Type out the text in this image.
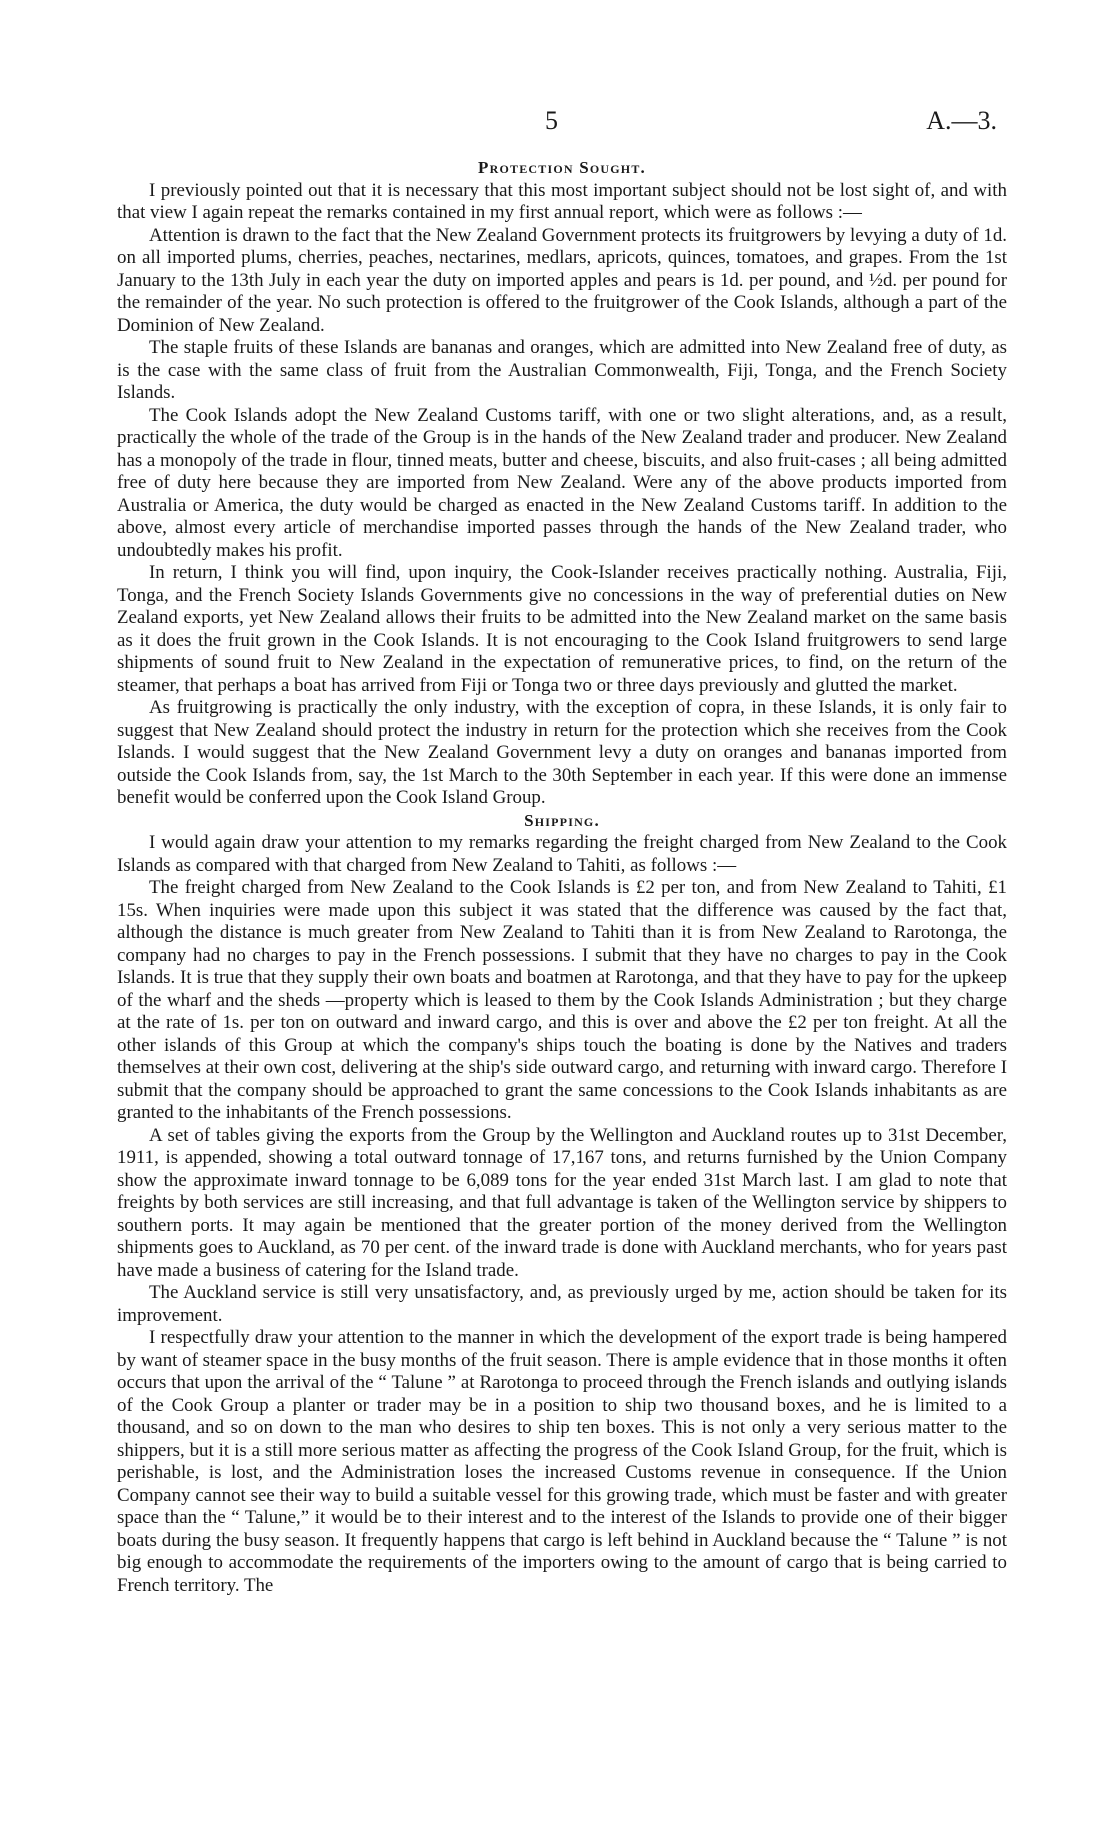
5	A.—3.
Protection Sought.

I previously pointed out that it is necessary that this most important subject should not be lost sight of, and with that view I again repeat the remarks contained in my first annual report, which were as follows :—

Attention is drawn to the fact that the New Zealand Government protects its fruitgrowers by levying a duty of 1d. on all imported plums, cherries, peaches, nectarines, medlars, apricots, quinces, tomatoes, and grapes. From the 1st January to the 13th July in each year the duty on imported apples and pears is 1d. per pound, and ½d. per pound for the remainder of the year. No such protection is offered to the fruitgrower of the Cook Islands, although a part of the Dominion of New Zealand.

The staple fruits of these Islands are bananas and oranges, which are admitted into New Zealand free of duty, as is the case with the same class of fruit from the Australian Commonwealth, Fiji, Tonga, and the French Society Islands.

The Cook Islands adopt the New Zealand Customs tariff, with one or two slight alterations, and, as a result, practically the whole of the trade of the Group is in the hands of the New Zealand trader and producer. New Zealand has a monopoly of the trade in flour, tinned meats, butter and cheese, biscuits, and also fruit-cases ; all being admitted free of duty here because they are imported from New Zealand. Were any of the above products imported from Australia or America, the duty would be charged as enacted in the New Zealand Customs tariff. In addition to the above, almost every article of merchandise imported passes through the hands of the New Zealand trader, who undoubtedly makes his profit.

In return, I think you will find, upon inquiry, the Cook-Islander receives practically nothing. Australia, Fiji, Tonga, and the French Society Islands Governments give no concessions in the way of preferential duties on New Zealand exports, yet New Zealand allows their fruits to be admitted into the New Zealand market on the same basis as it does the fruit grown in the Cook Islands. It is not encouraging to the Cook Island fruitgrowers to send large shipments of sound fruit to New Zealand in the expectation of remunerative prices, to find, on the return of the steamer, that perhaps a boat has arrived from Fiji or Tonga two or three days previously and glutted the market.

As fruitgrowing is practically the only industry, with the exception of copra, in these Islands, it is only fair to suggest that New Zealand should protect the industry in return for the protection which she receives from the Cook Islands. I would suggest that the New Zealand Government levy a duty on oranges and bananas imported from outside the Cook Islands from, say, the 1st March to the 30th September in each year. If this were done an immense benefit would be conferred upon the Cook Island Group.

Shipping.

I would again draw your attention to my remarks regarding the freight charged from New Zealand to the Cook Islands as compared with that charged from New Zealand to Tahiti, as follows :—

The freight charged from New Zealand to the Cook Islands is £2 per ton, and from New Zealand to Tahiti, £1 15s. When inquiries were made upon this subject it was stated that the difference was caused by the fact that, although the distance is much greater from New Zealand to Tahiti than it is from New Zealand to Rarotonga, the company had no charges to pay in the French possessions. I submit that they have no charges to pay in the Cook Islands. It is true that they supply their own boats and boatmen at Rarotonga, and that they have to pay for the upkeep of the wharf and the sheds —property which is leased to them by the Cook Islands Administration ; but they charge at the rate of 1s. per ton on outward and inward cargo, and this is over and above the £2 per ton freight. At all the other islands of this Group at which the company's ships touch the boating is done by the Natives and traders themselves at their own cost, delivering at the ship's side outward cargo, and returning with inward cargo. Therefore I submit that the company should be approached to grant the same concessions to the Cook Islands inhabitants as are granted to the inhabitants of the French possessions.

A set of tables giving the exports from the Group by the Wellington and Auckland routes up to 31st December, 1911, is appended, showing a total outward tonnage of 17,167 tons, and returns furnished by the Union Company show the approximate inward tonnage to be 6,089 tons for the year ended 31st March last. I am glad to note that freights by both services are still increasing, and that full advantage is taken of the Wellington service by shippers to southern ports. It may again be mentioned that the greater portion of the money derived from the Wellington shipments goes to Auckland, as 70 per cent. of the inward trade is done with Auckland merchants, who for years past have made a business of catering for the Island trade.

The Auckland service is still very unsatisfactory, and, as previously urged by me, action should be taken for its improvement.

I respectfully draw your attention to the manner in which the development of the export trade is being hampered by want of steamer space in the busy months of the fruit season. There is ample evidence that in those months it often occurs that upon the arrival of the “ Talune ” at Rarotonga to proceed through the French islands and outlying islands of the Cook Group a planter or trader may be in a position to ship two thousand boxes, and he is limited to a thousand, and so on down to the man who desires to ship ten boxes. This is not only a very serious matter to the shippers, but it is a still more serious matter as affecting the progress of the Cook Island Group, for the fruit, which is perishable, is lost, and the Administration loses the increased Customs revenue in consequence. If the Union Company cannot see their way to build a suitable vessel for this growing trade, which must be faster and with greater space than the “ Talune,” it would be to their interest and to the interest of the Islands to provide one of their bigger boats during the busy season. It frequently happens that cargo is left behind in Auckland because the “ Talune ” is not big enough to accommodate the requirements of the importers owing to the amount of cargo that is being carried to French territory. The
